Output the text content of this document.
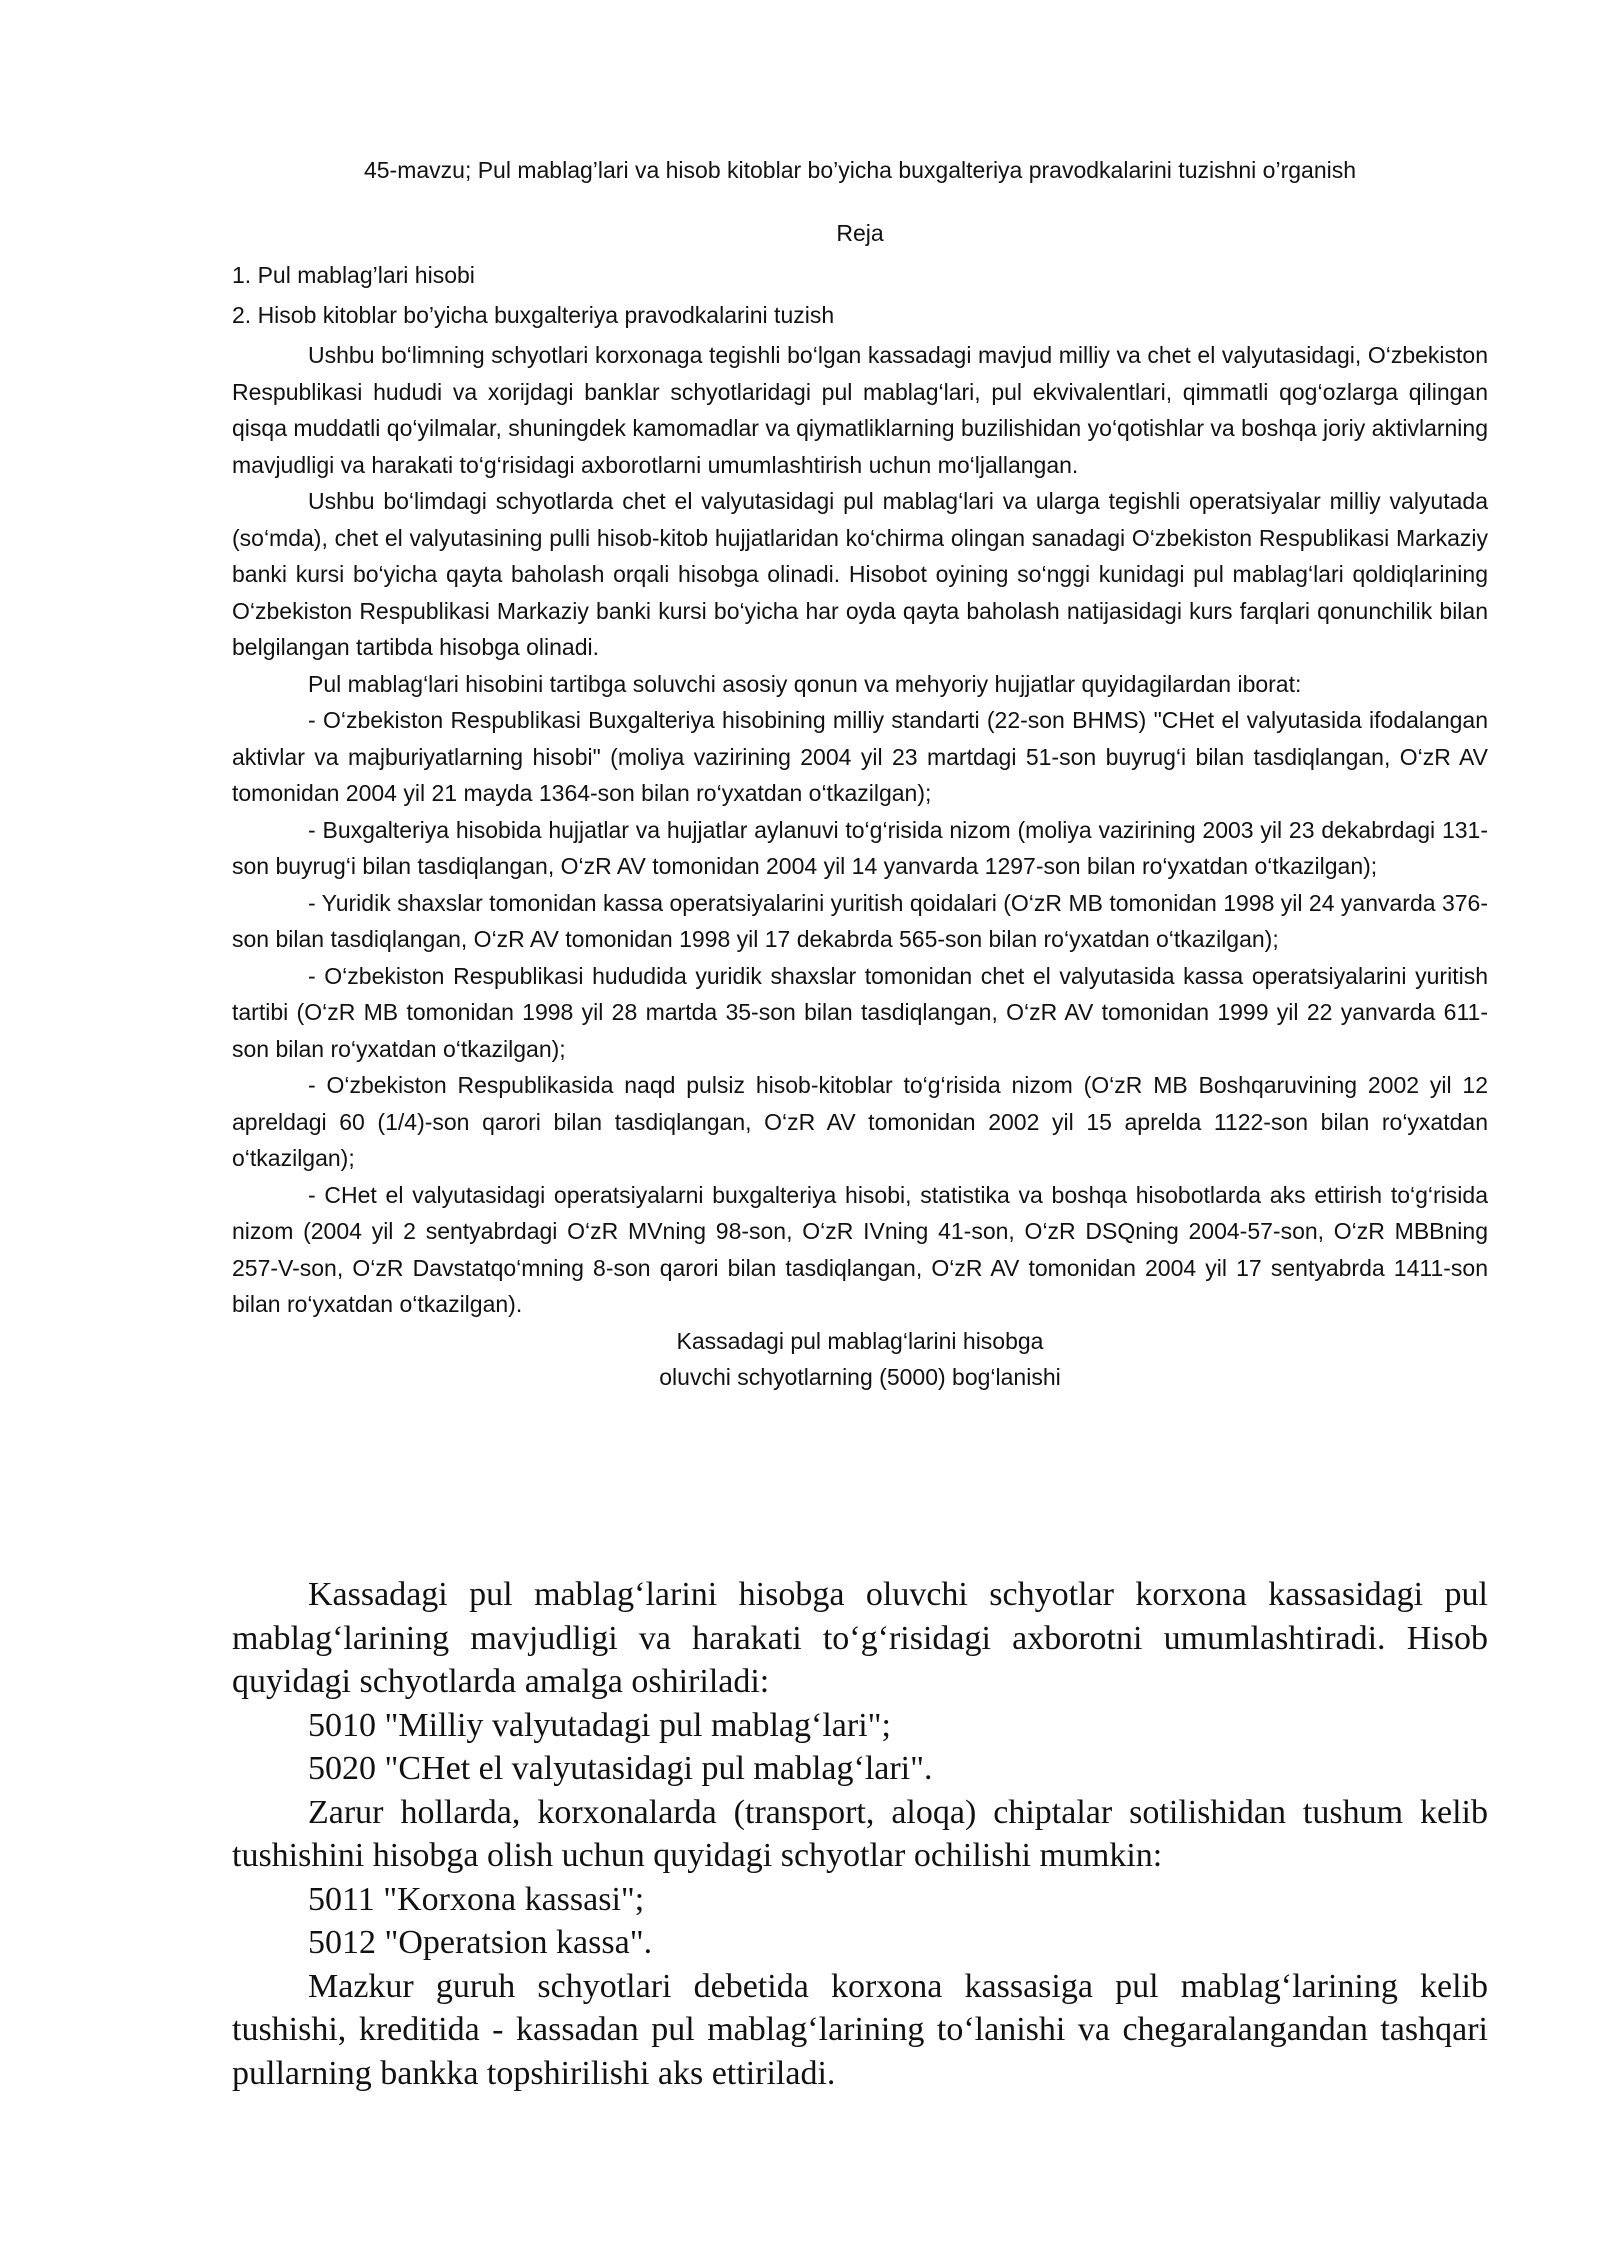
45-mavzu; Pul mablag’lari va hisob kitoblar bo’yicha buxgalteriya pravodkalarini tuzishni o’rganish
Reja
1. Pul mablag’lari hisobi
2. Hisob kitoblar bo’yicha buxgalteriya pravodkalarini tuzish

Ushbu bo‘limning schyotlari korxonaga tegishli bo‘lgan kassadagi mavjud milliy va chet el valyutasidagi, O‘zbekiston Respublikasi hududi va xorijdagi banklar schyotlaridagi pul mablag‘lari, pul ekvivalentlari, qimmatli qog‘ozlarga qilingan qisqa muddatli qo‘yilmalar, shuningdek kamomadlar va qiymatliklarning buzilishidan yo‘qotishlar va boshqa joriy aktivlarning mavjudligi va harakati to‘g‘risidagi axborotlarni umumlashtirish uchun mo‘ljallangan.

Ushbu bo‘limdagi schyotlarda chet el valyutasidagi pul mablag‘lari va ularga tegishli operatsiyalar milliy valyutada (so‘mda), chet el valyutasining pulli hisob-kitob hujjatlaridan ko‘chirma olingan sanadagi O‘zbekiston Respublikasi Markaziy banki kursi bo‘yicha qayta baholash orqali hisobga olinadi. Hisobot oyining so‘nggi kunidagi pul mablag‘lari qoldiqlarining O‘zbekiston Respublikasi Markaziy banki kursi bo‘yicha har oyda qayta baholash natijasidagi kurs farqlari qonunchilik bilan belgilangan tartibda hisobga olinadi.

Pul mablag‘lari hisobini tartibga soluvchi asosiy qonun va mehyoriy hujjatlar quyidagilardan iborat:

- O‘zbekiston Respublikasi Buxgalteriya hisobining milliy standarti (22-son BHMS) "CHet el valyutasida ifodalangan aktivlar va majburiyatlarning hisobi" (moliya vazirining 2004 yil 23 martdagi 51-son buyrug‘i bilan tasdiqlangan, O‘zR AV tomonidan 2004 yil 21 mayda 1364-son bilan ro‘yxatdan o‘tkazilgan);

- Buxgalteriya hisobida hujjatlar va hujjatlar aylanuvi to‘g‘risida nizom (moliya vazirining 2003 yil 23 dekabrdagi 131-son buyrug‘i bilan tasdiqlangan, O‘zR AV tomonidan 2004 yil 14 yanvarda 1297-son bilan ro‘yxatdan o‘tkazilgan);

- Yuridik shaxslar tomonidan kassa operatsiyalarini yuritish qoidalari (O‘zR MB tomonidan 1998 yil 24 yanvarda 376-son bilan tasdiqlangan, O‘zR AV tomonidan 1998 yil 17 dekabrda 565-son bilan ro‘yxatdan o‘tkazilgan);

- O‘zbekiston Respublikasi hududida yuridik shaxslar tomonidan chet el valyutasida kassa operatsiyalarini yuritish tartibi (O‘zR MB tomonidan 1998 yil 28 martda 35-son bilan tasdiqlangan, O‘zR AV tomonidan 1999 yil 22 yanvarda 611-son bilan ro‘yxatdan o‘tkazilgan);

- O‘zbekiston Respublikasida naqd pulsiz hisob-kitoblar to‘g‘risida nizom (O‘zR MB Boshqaruvining 2002 yil 12 apreldagi 60 (1/4)-son qarori bilan tasdiqlangan, O‘zR AV tomonidan 2002 yil 15 aprelda 1122-son bilan ro‘yxatdan o‘tkazilgan);

- CHet el valyutasidagi operatsiyalarni buxgalteriya hisobi, statistika va boshqa hisobotlarda aks ettirish to‘g‘risida nizom (2004 yil 2 sentyabrdagi O‘zR MVning 98-son, O‘zR IVning 41-son, O‘zR DSQning 2004-57-son, O‘zR MBBning 257-V-son, O‘zR Davstatqo‘mning 8-son qarori bilan tasdiqlangan, O‘zR AV tomonidan 2004 yil 17 sentyabrda 1411-son bilan ro‘yxatdan o‘tkazilgan).

Kassadagi pul mablag‘larini hisobga

oluvchi schyotlarning (5000) bog‘lanishi

Kassadagi pul mablag‘larini hisobga oluvchi schyotlar korxona kassasidagi pul mablag‘larining mavjudligi va harakati to‘g‘risidagi axborotni umumlashtiradi. Hisob quyidagi schyotlarda amalga oshiriladi:

5010 "Milliy valyutadagi pul mablag‘lari";

5020 "CHet el valyutasidagi pul mablag‘lari".

Zarur hollarda, korxonalarda (transport, aloqa) chiptalar sotilishidan tushum kelib tushishini hisobga olish uchun quyidagi schyotlar ochilishi mumkin:

5011 "Korxona kassasi";

5012 "Operatsion kassa".

Mazkur guruh schyotlari debetida korxona kassasiga pul mablag‘larining kelib tushishi, kreditida - kassadan pul mablag‘larining to‘lanishi va chegaralangandan tashqari pullarning bankka topshirilishi aks ettiriladi.
